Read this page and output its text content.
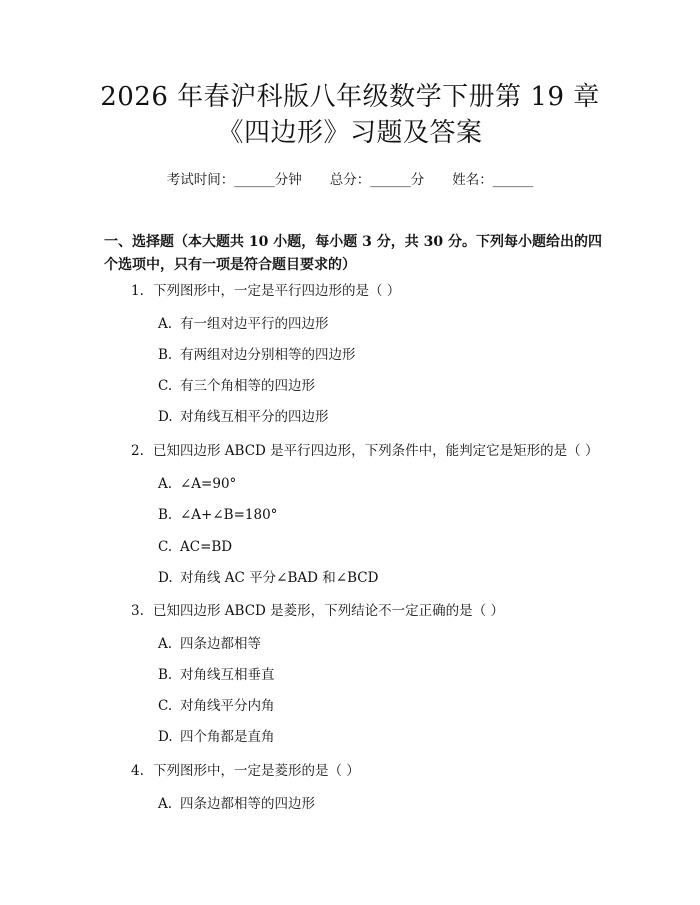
2026 年春沪科版八年级数学下册第 19 章
《四边形》习题及答案
考试时间：______分钟 总分：______分 姓名：______
一、选择题（本大题共 10 小题，每小题 3 分，共 30 分。下列每小题给出的四个选项中，只有一项是符合题目要求的）
1. 下列图形中，一定是平行四边形的是（ ）
A. 有一组对边平行的四边形
B. 有两组对边分别相等的四边形
C. 有三个角相等的四边形
D. 对角线互相平分的四边形
2. 已知四边形 ABCD 是平行四边形，下列条件中，能判定它是矩形的是（ ）
A. ∠A=90°
B. ∠A+∠B=180°
C. AC=BD
D. 对角线 AC 平分∠BAD 和∠BCD
3. 已知四边形 ABCD 是菱形，下列结论不一定正确的是（ ）
A. 四条边都相等
B. 对角线互相垂直
C. 对角线平分内角
D. 四个角都是直角
4. 下列图形中，一定是菱形的是（ ）
A. 四条边都相等的四边形
